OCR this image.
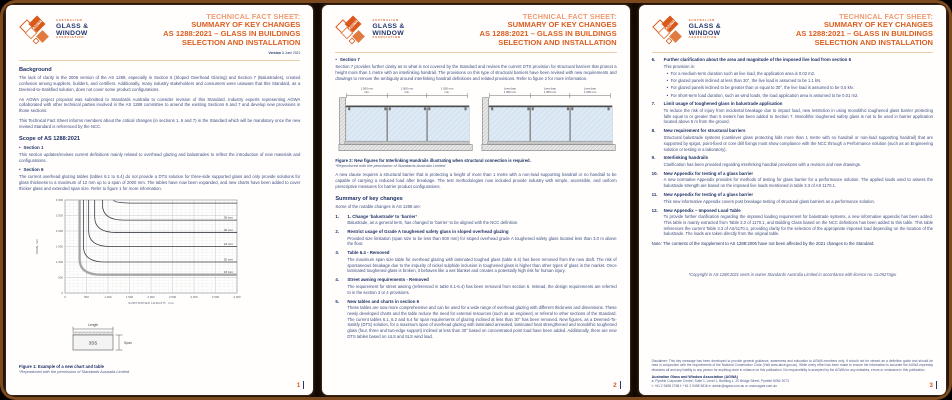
AGWA	AUSTRALIAN
GLASS &
WINDOW
ASSOCIATION
TECHNICAL FACT SHEET:
SUMMARY OF KEY CHANGES
AS 1288:2021 – GLASS IN BUILDINGS
SELECTION AND INSTALLATION
Version 1 June 2021
Background

The lack of clarity in the 2006 version of the AS 1288, especially in Section 6 (Sloped Overhead Glazing) and Section 7 (Balustrades), created confusion among suppliers, builders, and certifiers. Additionally, many industry stakeholders and consumers were unaware that this Standard, as a Deemed-to-Satisfied solution, does not cover some product configurations.

An AGWA project proposal was submitted to Standards Australia to consider revision of this Standard. Industry experts representing AGWA collaborated with other technical parties involved in the AS 1288 committee to amend the existing Sections 6 and 7 and develop new provisions in those sections.

This Technical Fact Sheet informs members about the critical changes (in sections 1, 6 and 7) in the Standard which will be mandatory once the new revised Standard is referenced by the NCC.

Scope of AS 1288:2021
• Section 1

This section updates/revises current definitions mainly related to overhead glazing and balustrades to reflect the introduction of new materials and configurations.

• Section 6

The current overhead glazing tables (tables 6.1 to 6.4) do not provide a DTS solution for three-side supported glass and only provide solutions for glass thickness to a maximum of 12 mm up to a span of 2000 mm. The tables have now been expanded, and new charts have been added to cover thicker glass and extended span size. Refer to figure 1 for more information.

0	500	1 000	1 500	2 000	2 500	3 000	3 500	4 000
0
500
1 000
1 500
2 000
2 500
3 000
SUPPORTED LENGTH, mm
SPAN, mm
36 mm
30 mm
24 mm
20 mm
16 mm

Length
3SS	Span
Figure 1: Example of a new chart and table
*Reproduced with the permission of Standards Australia Limited.
1
AGWA	AUSTRALIAN
GLASS &
WINDOW
ASSOCIATION
TECHNICAL FACT SHEET:
SUMMARY OF KEY CHANGES
AS 1288:2021 – GLASS IN BUILDINGS
SELECTION AND INSTALLATION
• Section 7

Section 7 provides further clarity as to what is not covered by the Standard and revises the current DTS provision for structural barriers that protect a height more than 1 metre with an interlinking handrail. The provisions on this type of structural barriers have been revised with new requirements and drawings to remove the ambiguity around interlinking handrail definitions and related provisions. Refer to figure 2 for more information.

1 000 mm
min.
1 000 mm
min.
1 000 mm
min.
Less than
1 000 mm
Less than
1 000 mm
Less than
1 000 mm
Figure 2: New figures for Interlinking Handrails illustrating when structural connection is required.
*Reproduced with the permission of Standards Australia Limited

A new clause requires a structural barrier that is protecting a height of more than 1 metre with a non-load supporting handrail or no handrail to be capable of carrying a reduced load after breakage. The test methodologies now included provide industry with simple, accessible, and uniform prescriptive measures for barrier product configurations.

Summary of key changes

Some of the notable changes in AS 1288 are:

1.	1. Change ‘balustrade’ to ‘barrier’
Balustrade, as a general term, has changed to ‘barrier’ to be aligned with the NCC definition.
2.	Restrict usage of Grade A toughened safety glass in sloped overhead glazing
Provided size limitation (span size to be less than 500 mm) for sloped overhead grade A toughened safety glass located less than 3.0 m above the floor.
3.	Table 6.4 - Removed
The maximum span size table for overhead glazing with laminated toughed glass (table 6.4) has been removed from the new draft. The risk of spontaneous breakage due to the impurity of nickel sulphide inclusion in toughened glass is higher than other types of glass in the market. Once laminated toughened glass is broken, it behaves like a wet blanket and creates a potentially high risk for human injury.
4.	Street awning requirements - Removed
The requirement for street awning (referenced in table 6.1-6.4) has been removed from section 6. Instead, the design requirements are referred to in the section 3 or 4 provisions.
5.	New tables and charts in section 6
These tables are now more comprehensive and can be used for a wide range of overhead glazing with different thickness and dimensions. These newly developed charts and the table reduce the need for external resources (such as an engineer) or referral to other sections of the Standard. The current tables 6.1, 6.2 and 6.4 for span requirements of glazing inclined at less than 30° has been removed. New figures, as a Deemed-To-Satisfy (DTS) solution, for a maximum span of overhead glazing with laminated annealed, laminated heat strengthened and monolithic toughened glass (four, three and two-edge support) inclined at less than 30° based on concentrated point load have been added. Additionally, there are new DTS tables based on ULS and SLS wind load.
2
AGWA	AUSTRALIAN
GLASS &
WINDOW
ASSOCIATION
TECHNICAL FACT SHEET:
SUMMARY OF KEY CHANGES
AS 1288:2021 – GLASS IN BUILDINGS
SELECTION AND INSTALLATION
6.	Further clarification about the area and magnitude of the imposed live load from section 6
This provision is:
• For a medium-term duration such as live load, the application area is 0.02 m2.
• For glazed panels inclined at less than 30°, the live load is assumed to be 1.1 kN.
• For glazed panels inclined to be greater than or equal to 30°, the live load is assumed to be 0.5 kN.
• For short-term load duration, such as wind loads, the load application area is assumed to be 0.01 m2.
7.	Limit usage of toughened glass in balustrade application
To reduce the risk of injury from incidental breakage due to impact load, new restriction in using monolithic toughened glass barrier protecting falls equal to or greater than 5 meters has been added to Section 7. Monolithic toughened safety glass is not to be used in barrier application located above 5 m from the ground.
8.	New requirement for structural barriers
Structural balustrade systems (cantilever glass protecting falls more than 1 metre with no handrail or non-load supporting handrail) that are supported by spigot, point-fixed or core drill fixings must show compliance with the NCC through a Performance solution (such as an Engineering solution or testing in a laboratory).
9.	Interlinking handrails
Clarification has been provided regarding interlinking handrail provisions with a revision and new drawings.
10.	New Appendix for testing of a glass barrier
A new normative Appendix provides for methods of testing for glass barrier for a performance solution. The applied loads used to assess the balustrade strength are based on the imposed live loads mentioned in table 3.3 of AS 1170.1.
11.	New Appendix for testing of a glass barrier
This new informative Appendix covers post breakage testing of structural glass barriers as a performance solution.
12.	New Appendix – Imposed Load Table
To provide further clarification regarding the imposed loading requirement for balustrade systems, a new informative appendix has been added. This table is mainly extracted from Table 3.3 of 1170.1, and Building Class based on the NCC definitions has been added to this table. This table references the current Table 3.3 of AS/1170.1, providing clarity for the selection of the appropriate imposed load depending on the location of the balustrade. The loads are taken directly from the original table.
Note: The contents of the Supplement to AS 1288:2006 have not been affected by the 2021 changes to the Standard.
*Copyright in AS 1288:2021 vests in owner Standards Australia Limited in accordance with licence no. CL0527agw
Disclaimer: This key message has been developed to provide general guidance, awareness and education to AGWA members only. It should not be viewed as a definitive guide and should be read in conjunction with the requirements of the National Construction Code (Visit www.abcb.gov.au). While every effort has been made to ensure the information is accurate the AGWA expressly disclaims all and any liability to any person for anything done in reliance on this publication. No responsibility is accepted by the AGWA for any mistakes, errors or omissions in this publication.
Australian Glass and Window Association (AGWA)
a: Pymble Corporate Centre, Suite 1, Level 1, Building 1, 20 Bridge Street, Pymble NSW 2073
t: +61 2 9498 2768 f: +61 2 9498 3816 e: admin@agwa.com.au w: www.agwa.com.au	3
